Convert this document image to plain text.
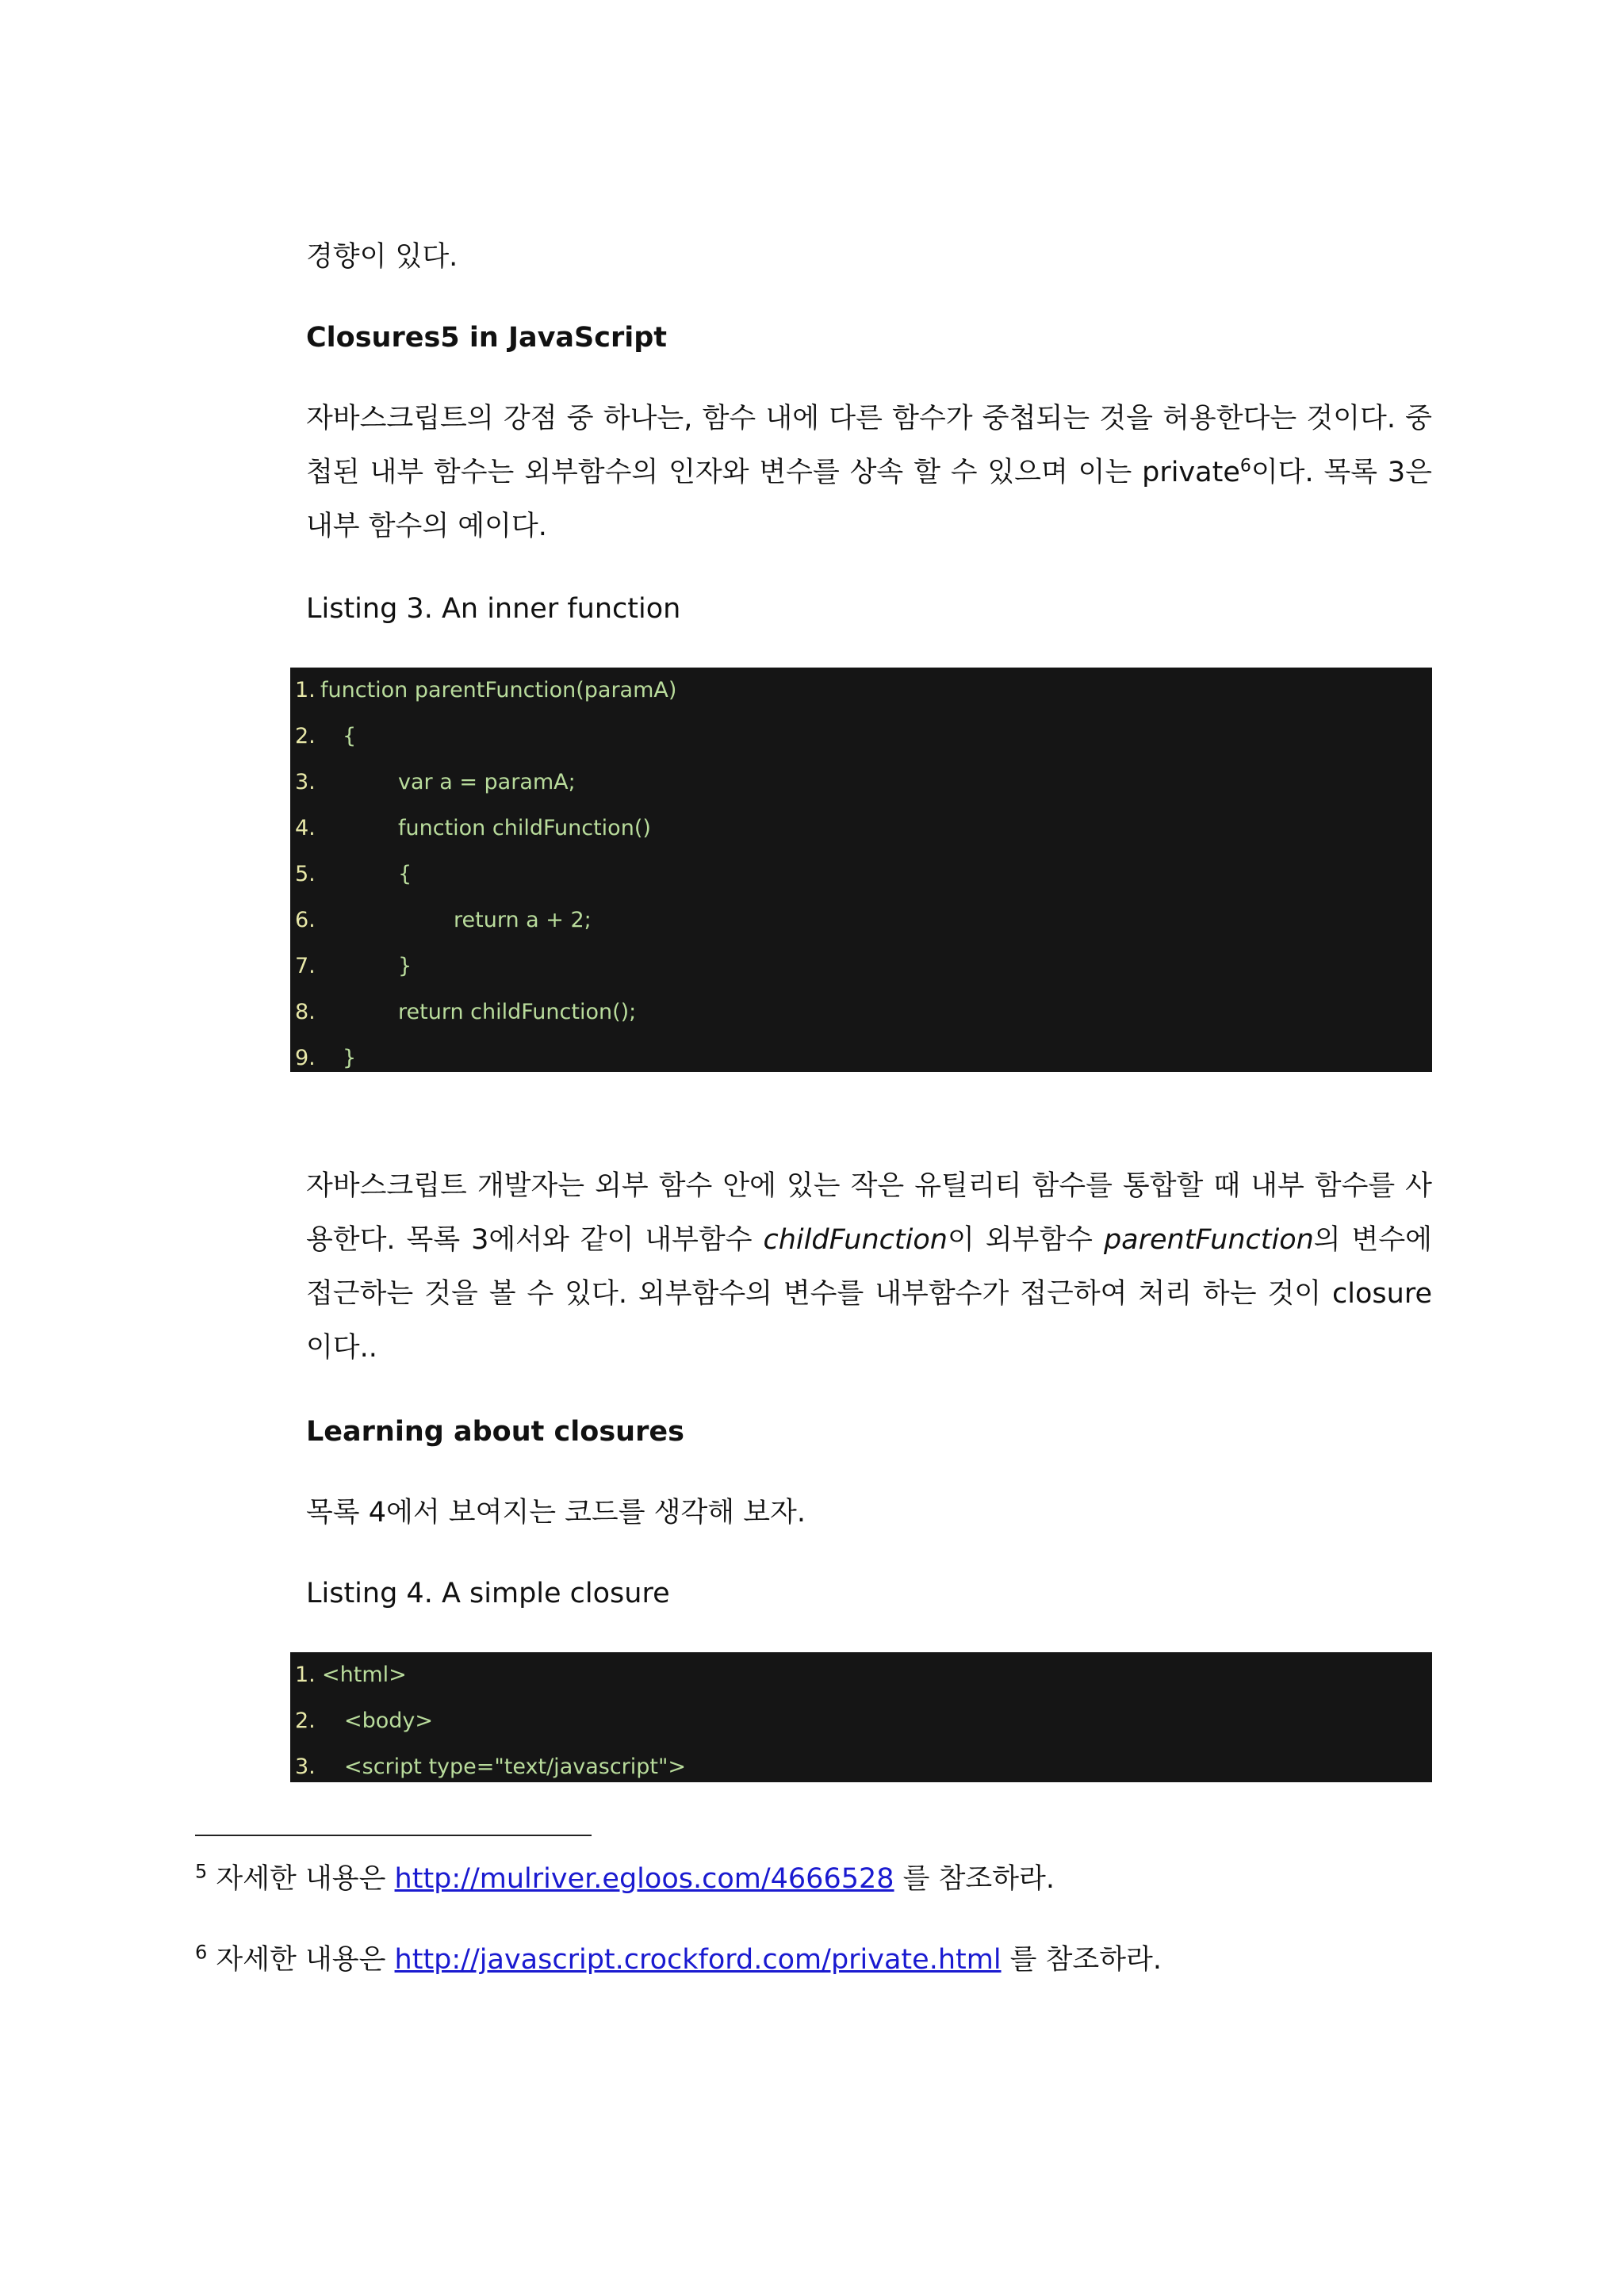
경향이 있다.

Closures5 in JavaScript

자바스크립트의 강점 중 하나는, 함수 내에 다른 함수가 중첩되는 것을 허용한다는 것이다. 중첩된 내부 함수는 외부함수의 인자와 변수를 상속 할 수 있으며 이는 private$^6$이다. 목록 3은 내부 함수의 예이다.

Listing 3. An inner function

1. function parentFunction(paramA)
2. {
3.	var a = paramA;
4.	function childFunction()
5.	{
6.	return a + 2;
7.	}
8.	return childFunction();
9. }

자바스크립트 개발자는 외부 함수 안에 있는 작은 유틸리티 함수를 통합할 때 내부 함수를 사용한다. 목록 3에서와 같이 내부함수 childFunction이 외부함수 parentFunction의 변수에 접근하는 것을 볼 수 있다. 외부함수의 변수를 내부함수가 접근하여 처리 하는 것이 closure이다..

Learning about closures

목록 4에서 보여지는 코드를 생각해 보자.

Listing 4. A simple closure

1. <html>
2. <body>
3. <script type="text/javascript">
$^5$ 자세한 내용은 http://mulriver.egloos.com/4666528 를 참조하라.
$^6$ 자세한 내용은 http://javascript.crockford.com/private.html 를 참조하라.
